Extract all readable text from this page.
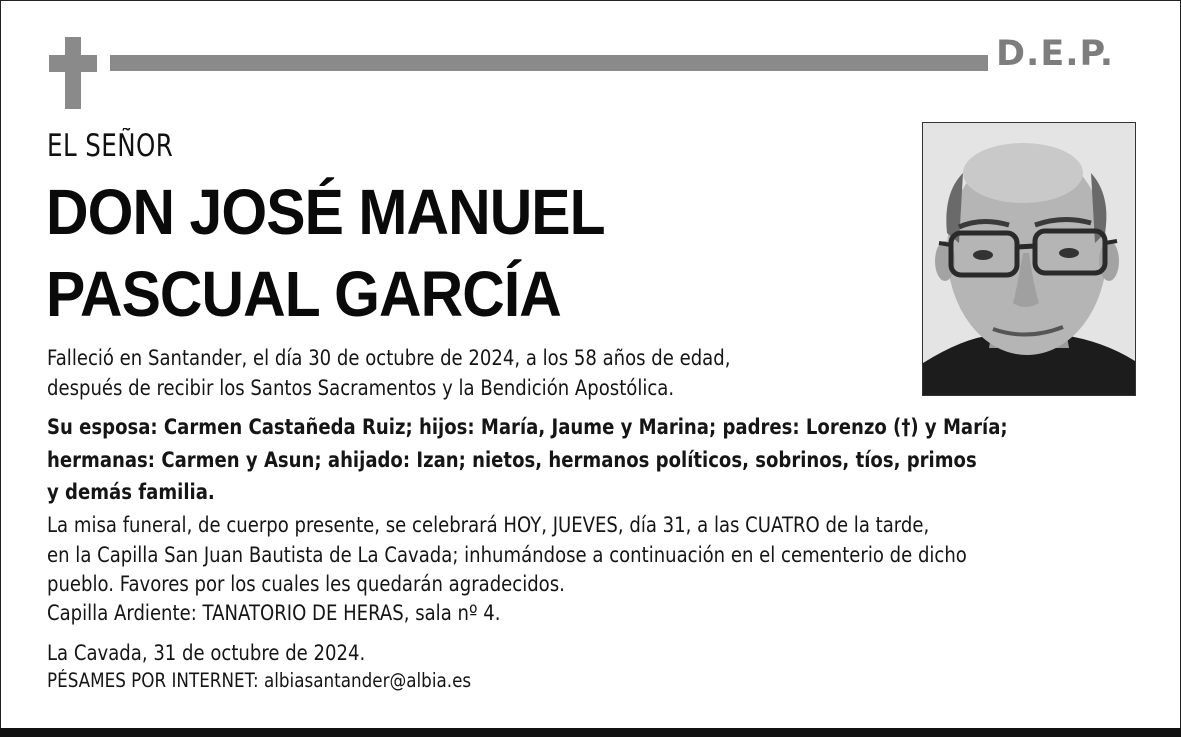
D.E.P.
EL SEÑOR
DON JOSÉ MANUEL
PASCUAL GARCÍA
Falleció en Santander, el día 30 de octubre de 2024, a los 58 años de edad,
después de recibir los Santos Sacramentos y la Bendición Apostólica.
Su esposa: Carmen Castañeda Ruiz; hijos: María, Jaume y Marina; padres: Lorenzo (†) y María;
hermanas: Carmen y Asun; ahijado: Izan; nietos, hermanos políticos, sobrinos, tíos, primos
y demás familia.
La misa funeral, de cuerpo presente, se celebrará HOY, JUEVES, día 31, a las CUATRO de la tarde,
en la Capilla San Juan Bautista de La Cavada; inhumándose a continuación en el cementerio de dicho
pueblo. Favores por los cuales les quedarán agradecidos.
Capilla Ardiente: TANATORIO DE HERAS, sala nº 4.
La Cavada, 31 de octubre de 2024.
PÉSAMES POR INTERNET: albiasantander@albia.es
